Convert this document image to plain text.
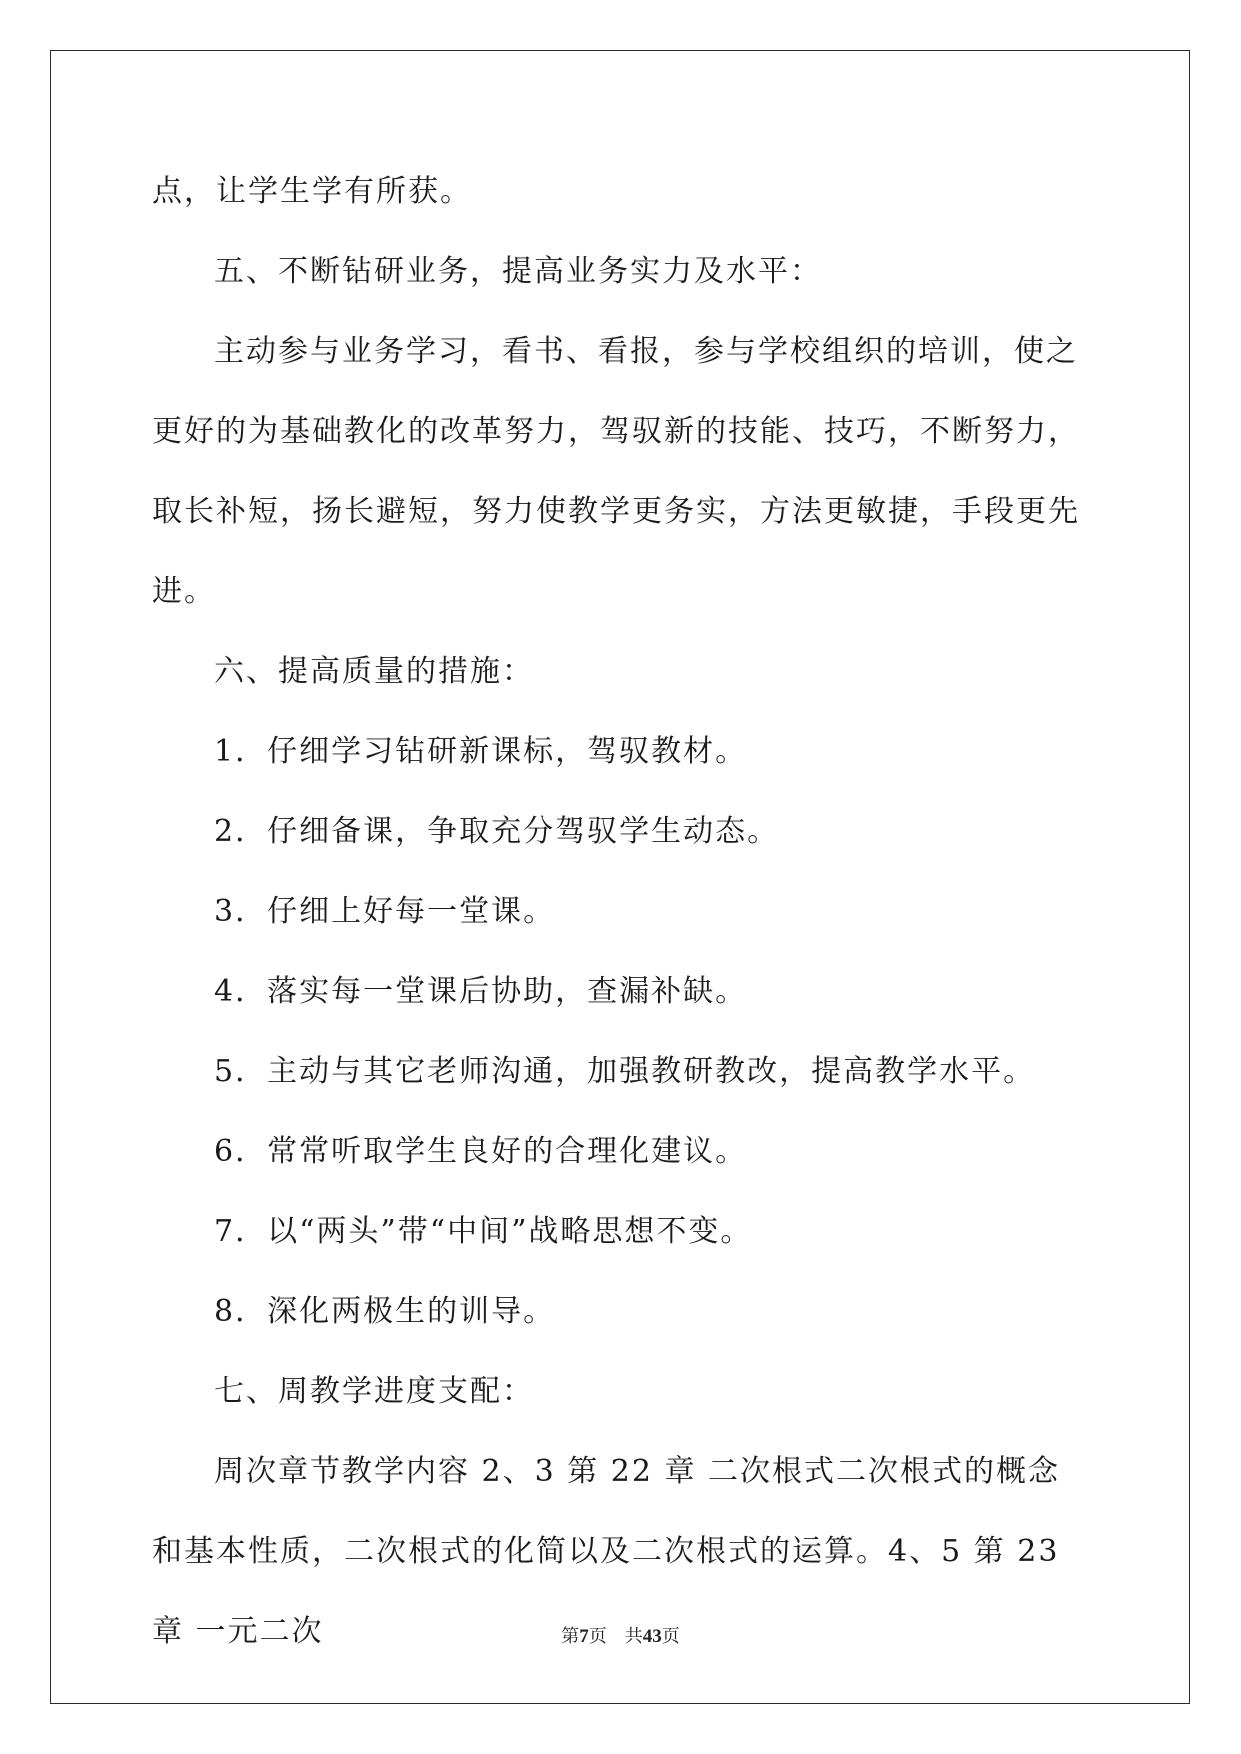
点，让学生学有所获。

五、不断钻研业务，提高业务实力及水平：

主动参与业务学习，看书、看报，参与学校组织的培训，使之更好的为基础教化的改革努力，驾驭新的技能、技巧，不断努力，取长补短，扬长避短，努力使教学更务实，方法更敏捷，手段更先进。

六、提高质量的措施：

1．仔细学习钻研新课标，驾驭教材。

2．仔细备课，争取充分驾驭学生动态。

3．仔细上好每一堂课。

4．落实每一堂课后协助，查漏补缺。

5．主动与其它老师沟通，加强教研教改，提高教学水平。

6．常常听取学生良好的合理化建议。

7．以“两头”带“中间”战略思想不变。

8．深化两极生的训导。

七、周教学进度支配：

周次章节教学内容 2、3 第 22 章 二次根式二次根式的概念和基本性质，二次根式的化简以及二次根式的运算。4、5 第 23 章 一元二次	第7页 共43页
